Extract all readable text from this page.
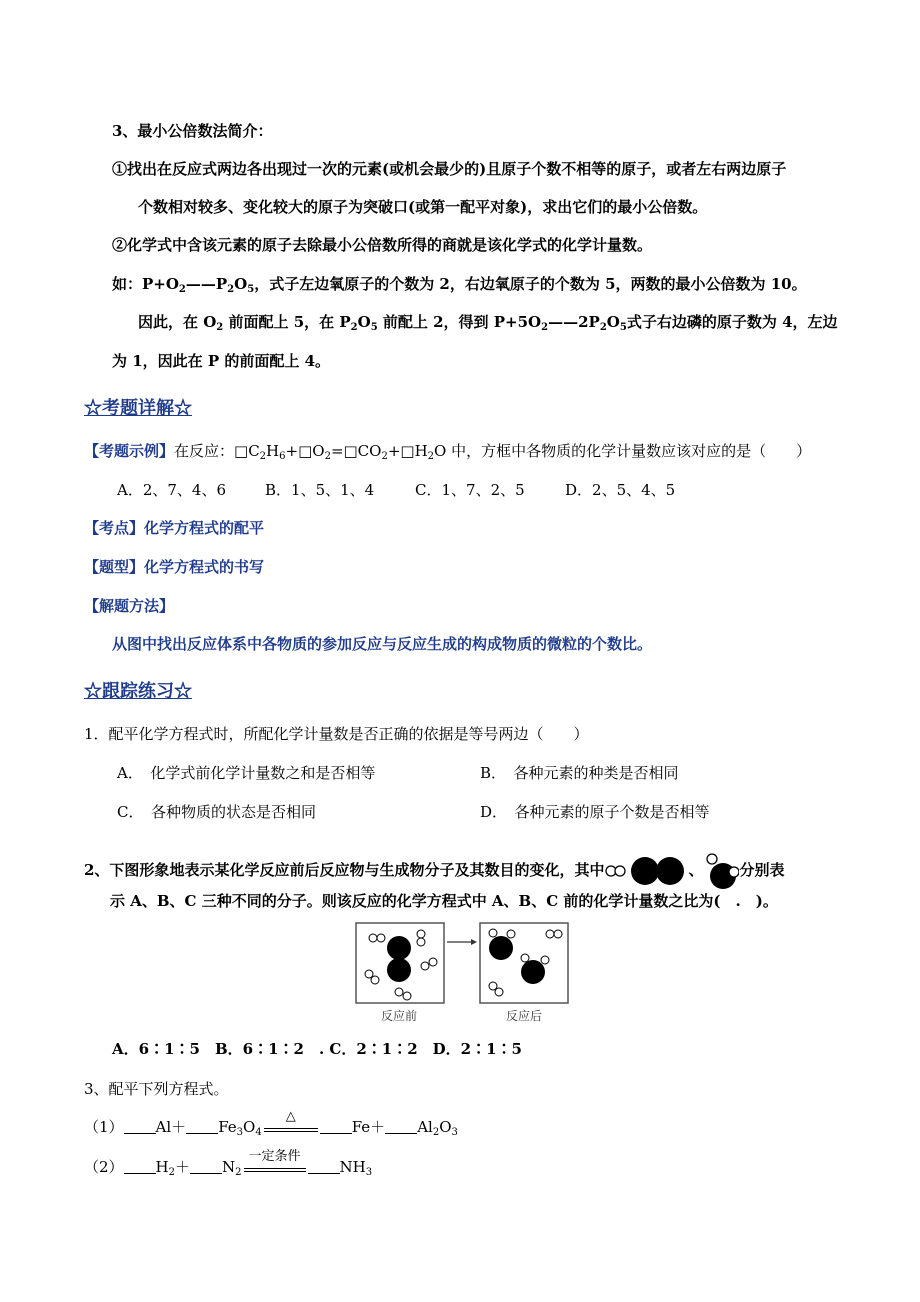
3、最小公倍数法简介：
①找出在反应式两边各出现过一次的元素(或机会最少的)且原子个数不相等的原子，或者左右两边原子
个数相对较多、变化较大的原子为突破口(或第一配平对象)，求出它们的最小公倍数。
②化学式中含该元素的原子去除最小公倍数所得的商就是该化学式的化学计量数。
如：$P+O_2——P_2O_5$，式子左边氧原子的个数为 2，右边氧原子的个数为 5，两数的最小公倍数为 10。
因此，在 $O_2$ 前面配上 5，在 $P_2O_5$ 前配上 2，得到 $P+5O_2——2P_2O_5$式子右边磷的原子数为 4，左边
为 1，因此在 P 的前面配上 4。
☆考题详解☆
【考题示例】在反应：$□C_2H_6+□O_2=□CO_2+□H_2O$ 中，方框中各物质的化学计量数应该对应的是（　　）
A．2、7、4、6	B．1、5、1、4	C．1、7、2、5	D．2、5、4、5
【考点】化学方程式的配平
【题型】化学方程式的书写
【解题方法】
从图中找出反应体系中各物质的参加反应与反应生成的构成物质的微粒的个数比。
☆跟踪练习☆
1．配平化学方程式时，所配化学计量数是否正确的依据是等号两边（　　）
A．　化学式前化学计量数之和是否相等	B．　各种元素的种类是否相同
C．　各种物质的状态是否相同	D．　各种元素的原子个数是否相等
2、下图形象地表示某化学反应前后反应物与生成物分子及其数目的变化，其中	、 分别表
示 A、B、C 三种不同的分子。则该反应的化学方程式中 A、B、C 前的化学计量数之比为(　.　)。
反应前	反应后
A．6∶1∶5　B．6∶1∶2　. C．2∶1∶2　D．2∶1∶5
3、配平下列方程式。
（1） $Al+ Fe_3O_4$
△
$Fe+ Al_2O_3$
（2） $H_2+ N_2$
一定条件
$NH_3$
